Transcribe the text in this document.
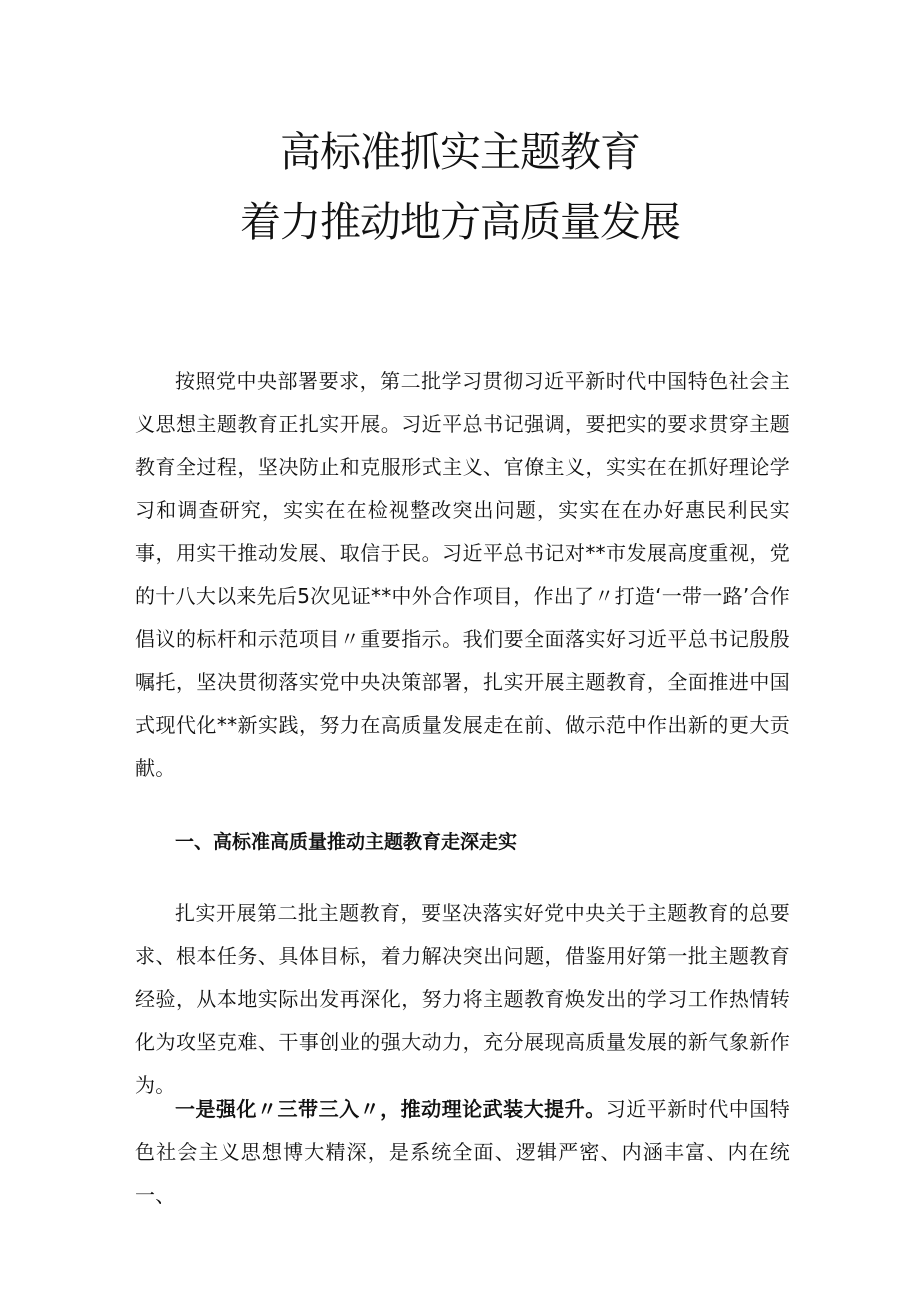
高标准抓实主题教育
着力推动地方高质量发展

按照党中央部署要求，第二批学习贯彻习近平新时代中国特色社会主义思想主题教育正扎实开展。习近平总书记强调，要把实的要求贯穿主题教育全过程，坚决防止和克服形式主义、官僚主义，实实在在抓好理论学习和调查研究，实实在在检视整改突出问题，实实在在办好惠民利民实事，用实干推动发展、取信于民。习近平总书记对**市发展高度重视，党的十八大以来先后5次见证**中外合作项目，作出了〃打造‘一带一路’合作倡议的标杆和示范项目〃重要指示。我们要全面落实好习近平总书记殷殷嘱托，坚决贯彻落实党中央决策部署，扎实开展主题教育，全面推进中国式现代化**新实践，努力在高质量发展走在前、做示范中作出新的更大贡献。

一、高标准高质量推动主题教育走深走实

扎实开展第二批主题教育，要坚决落实好党中央关于主题教育的总要求、根本任务、具体目标，着力解决突出问题，借鉴用好第一批主题教育经验，从本地实际出发再深化，努力将主题教育焕发出的学习工作热情转化为攻坚克难、干事创业的强大动力，充分展现高质量发展的新气象新作为。

一是强化〃三带三入〃，推动理论武装大提升。习近平新时代中国特色社会主义思想博大精深，是系统全面、逻辑严密、内涵丰富、内在统一、
